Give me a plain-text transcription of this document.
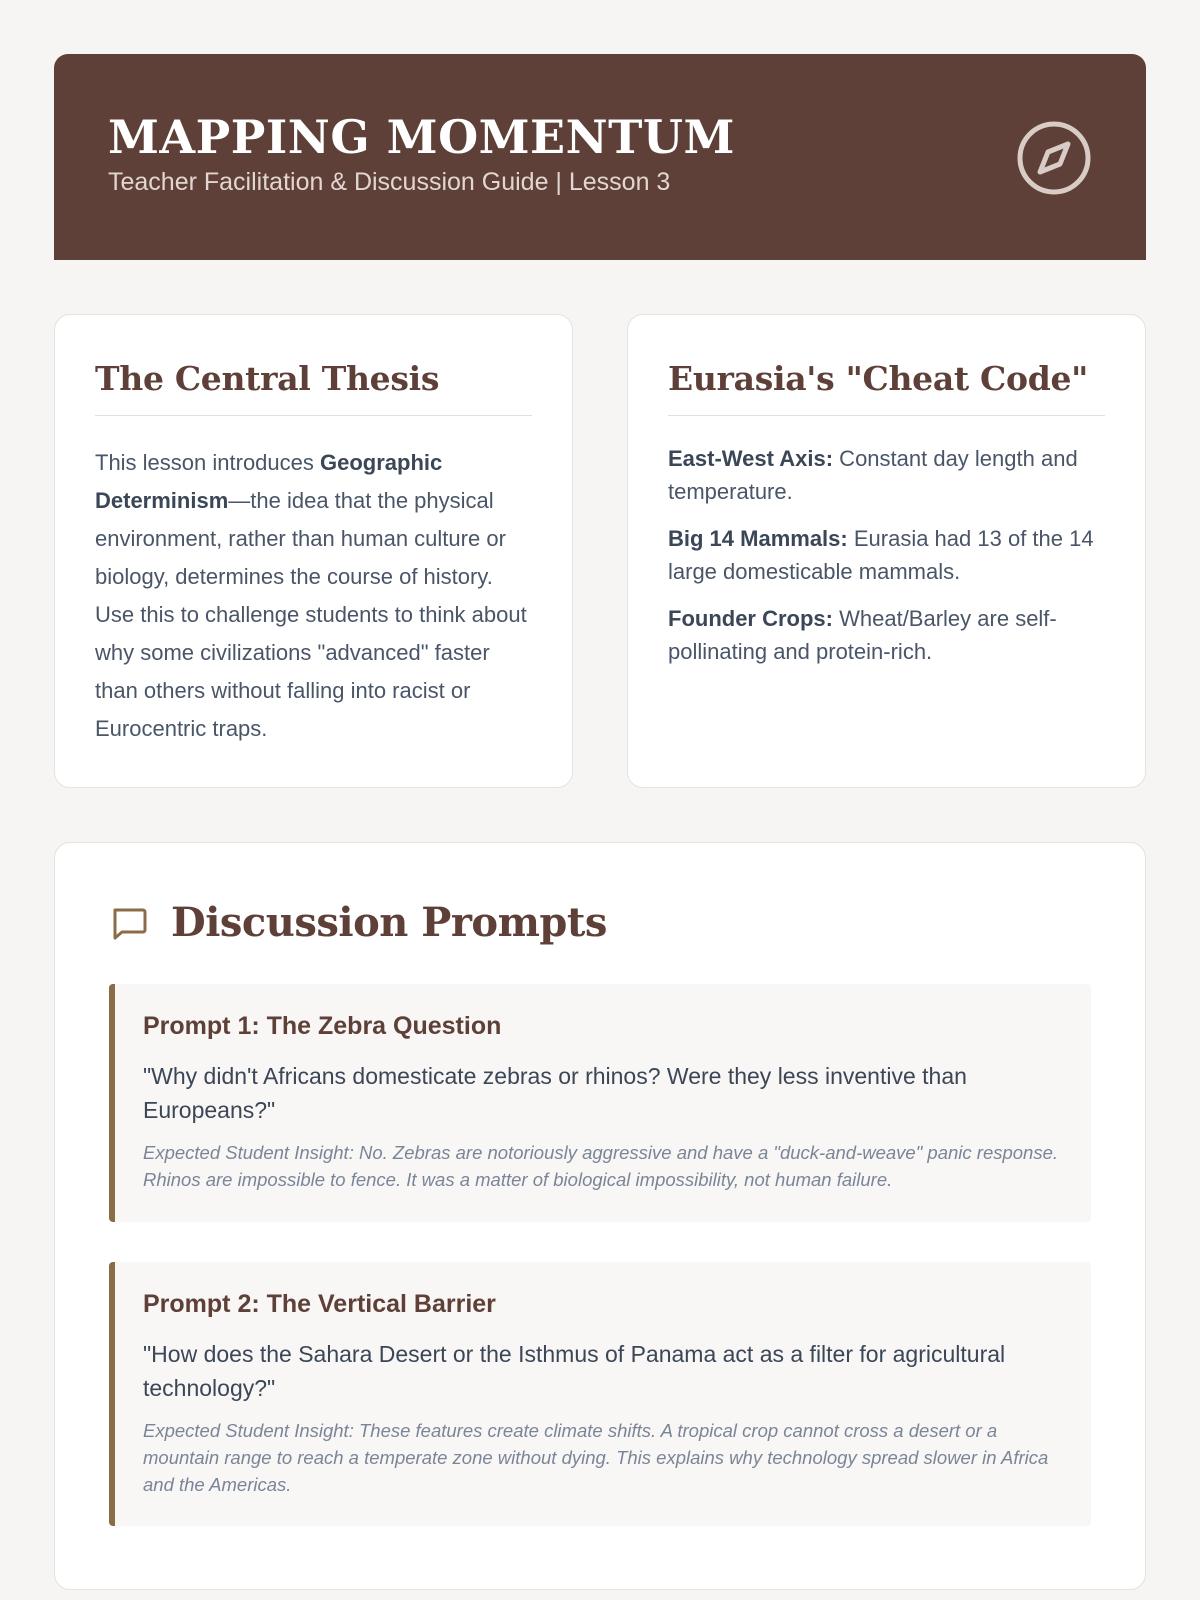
MAPPING MOMENTUM
Teacher Facilitation & Discussion Guide | Lesson 3
The Central Thesis

This lesson introduces Geographic Determinism—the idea that the physical environment, rather than human culture or biology, determines the course of history. Use this to challenge students to think about why some civilizations "advanced" faster than others without falling into racist or Eurocentric traps.

Eurasia's "Cheat Code"

East-West Axis: Constant day length and temperature.

Big 14 Mammals: Eurasia had 13 of the 14 large domesticable mammals.

Founder Crops: Wheat/Barley are self-pollinating and protein-rich.

Discussion Prompts
Prompt 1: The Zebra Question

"Why didn't Africans domesticate zebras or rhinos? Were they less inventive than Europeans?"

Expected Student Insight: No. Zebras are notoriously aggressive and have a "duck-and-weave" panic response. Rhinos are impossible to fence. It was a matter of biological impossibility, not human failure.

Prompt 2: The Vertical Barrier

"How does the Sahara Desert or the Isthmus of Panama act as a filter for agricultural technology?"

Expected Student Insight: These features create climate shifts. A tropical crop cannot cross a desert or a mountain range to reach a temperate zone without dying. This explains why technology spread slower in Africa and the Americas.
